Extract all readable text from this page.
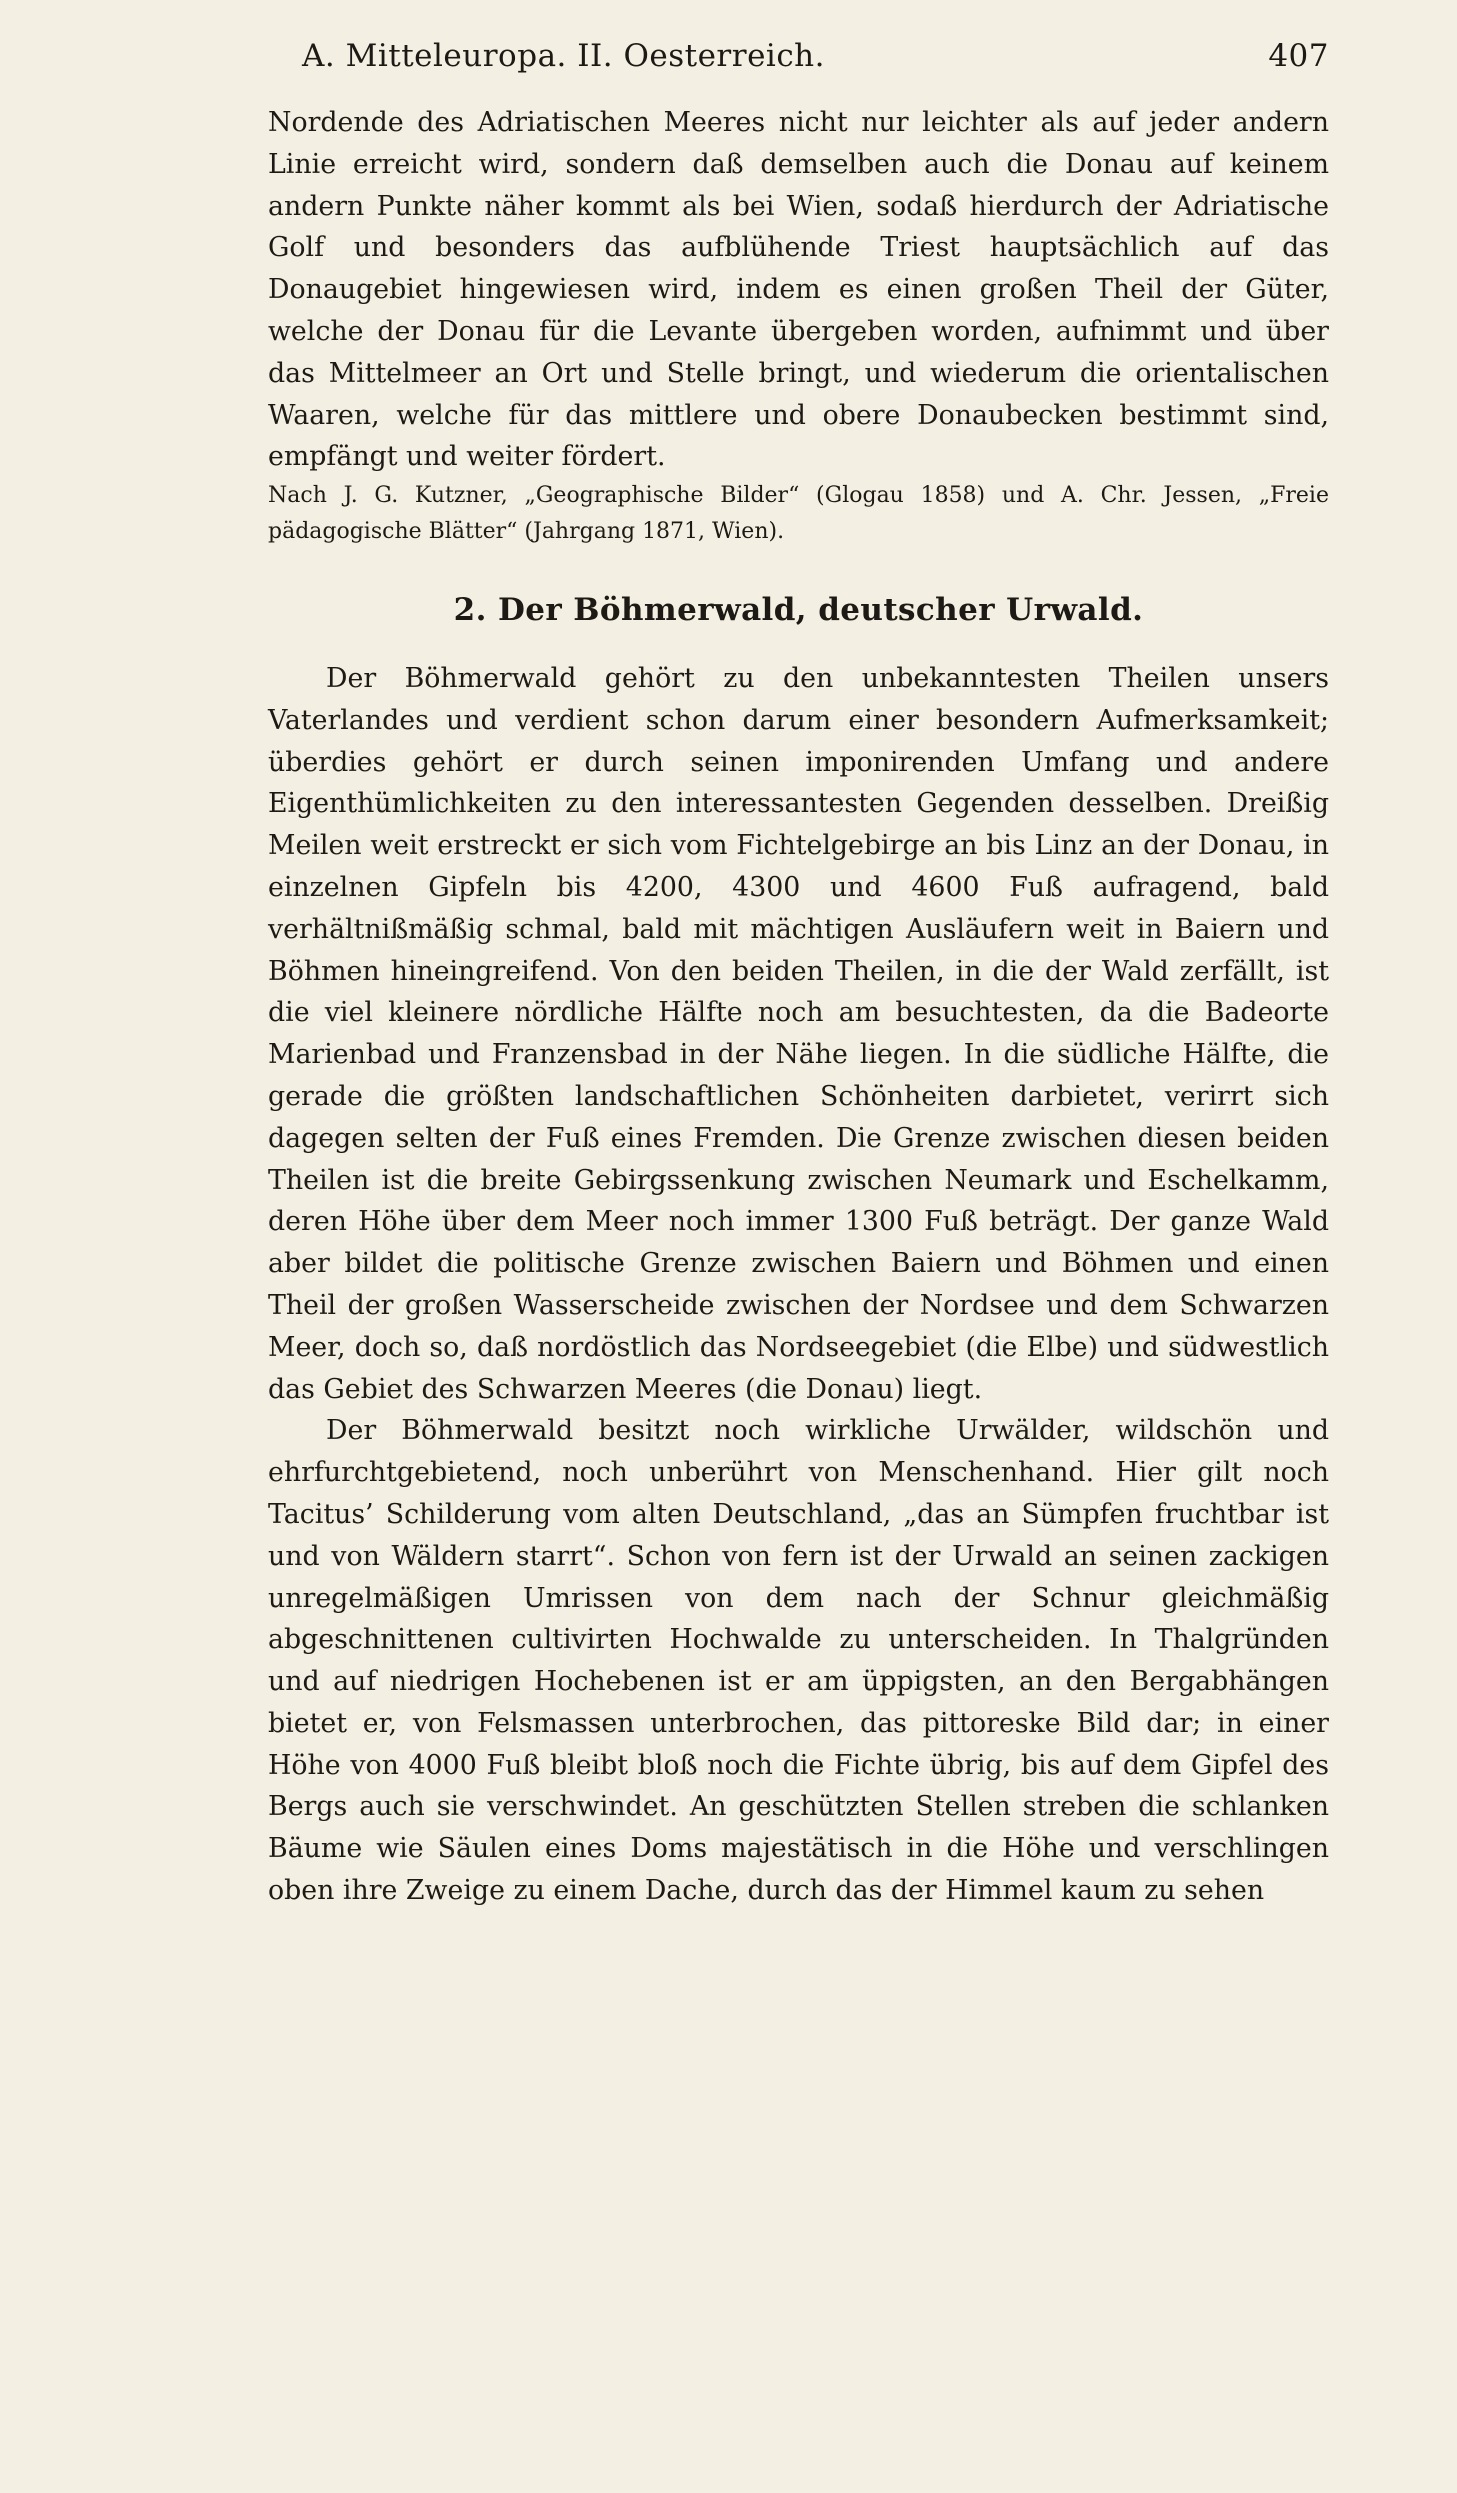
A. Mitteleuropa. II. Oesterreich.	407

Nordende des Adriatischen Meeres nicht nur leichter als auf jeder andern Linie erreicht wird, sondern daß demselben auch die Donau auf keinem andern Punkte näher kommt als bei Wien, sodaß hierdurch der Adriatische Golf und besonders das aufblühende Triest hauptsächlich auf das Donaugebiet hingewiesen wird, indem es einen großen Theil der Güter, welche der Donau für die Levante übergeben worden, aufnimmt und über das Mittelmeer an Ort und Stelle bringt, und wiederum die orientalischen Waaren, welche für das mittlere und obere Donaubecken bestimmt sind, empfängt und weiter fördert.

Nach J. G. Kutzner, „Geographische Bilder“ (Glogau 1858) und A. Chr. Jessen, „Freie pädagogische Blätter“ (Jahrgang 1871, Wien).

2. Der Böhmerwald, deutscher Urwald.

Der Böhmerwald gehört zu den unbekanntesten Theilen unsers Vaterlandes und verdient schon darum einer besondern Aufmerksamkeit; überdies gehört er durch seinen imponirenden Umfang und andere Eigenthümlichkeiten zu den interessantesten Gegenden desselben. Dreißig Meilen weit erstreckt er sich vom Fichtelgebirge an bis Linz an der Donau, in einzelnen Gipfeln bis 4200, 4300 und 4600 Fuß aufragend, bald verhältnißmäßig schmal, bald mit mächtigen Ausläufern weit in Baiern und Böhmen hineingreifend. Von den beiden Theilen, in die der Wald zerfällt, ist die viel kleinere nördliche Hälfte noch am besuchtesten, da die Badeorte Marienbad und Franzensbad in der Nähe liegen. In die südliche Hälfte, die gerade die größten landschaftlichen Schönheiten darbietet, verirrt sich dagegen selten der Fuß eines Fremden. Die Grenze zwischen diesen beiden Theilen ist die breite Gebirgssenkung zwischen Neumark und Eschelkamm, deren Höhe über dem Meer noch immer 1300 Fuß beträgt. Der ganze Wald aber bildet die politische Grenze zwischen Baiern und Böhmen und einen Theil der großen Wasserscheide zwischen der Nordsee und dem Schwarzen Meer, doch so, daß nordöstlich das Nordseegebiet (die Elbe) und südwestlich das Gebiet des Schwarzen Meeres (die Donau) liegt.

Der Böhmerwald besitzt noch wirkliche Urwälder, wildschön und ehrfurchtgebietend, noch unberührt von Menschenhand. Hier gilt noch Tacitus’ Schilderung vom alten Deutschland, „das an Sümpfen fruchtbar ist und von Wäldern starrt“. Schon von fern ist der Urwald an seinen zackigen unregelmäßigen Umrissen von dem nach der Schnur gleichmäßig abgeschnittenen cultivirten Hochwalde zu unterscheiden. In Thalgründen und auf niedrigen Hochebenen ist er am üppigsten, an den Bergabhängen bietet er, von Felsmassen unterbrochen, das pittoreske Bild dar; in einer Höhe von 4000 Fuß bleibt bloß noch die Fichte übrig, bis auf dem Gipfel des Bergs auch sie verschwindet. An geschützten Stellen streben die schlanken Bäume wie Säulen eines Doms majestätisch in die Höhe und verschlingen oben ihre Zweige zu einem Dache, durch das der Himmel kaum zu sehen
